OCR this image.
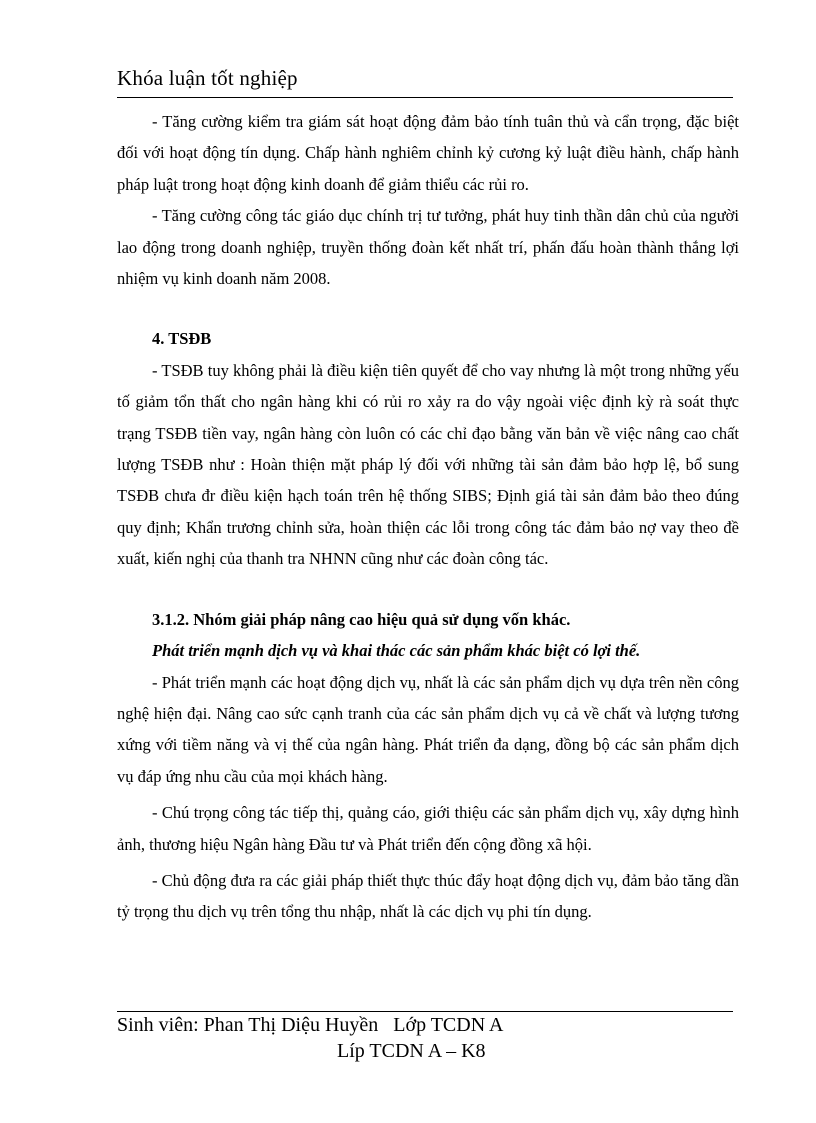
Khóa luận tốt nghiệp

- Tăng cường kiểm tra giám sát hoạt động đảm bảo tính tuân thủ và cẩn trọng, đặc biệt đối với hoạt động tín dụng. Chấp hành nghiêm chỉnh kỷ cương kỷ luật điều hành, chấp hành pháp luật trong hoạt động kinh doanh để giảm thiểu các rủi ro.

- Tăng cường công tác giáo dục chính trị tư tưởng, phát huy tinh thần dân chủ của người lao động trong doanh nghiệp, truyền thống đoàn kết nhất trí, phấn đấu hoàn thành thắng lợi nhiệm vụ kinh doanh năm 2008.

4. TSĐB

- TSĐB tuy không phải là điều kiện tiên quyết để cho vay nhưng là một trong những yếu tố giảm tổn thất cho ngân hàng khi có rủi ro xảy ra do vậy ngoài việc định kỳ rà soát thực trạng TSĐB tiền vay, ngân hàng còn luôn có các chỉ đạo bằng văn bản về việc nâng cao chất lượng TSĐB như : Hoàn thiện mặt pháp lý đối với những tài sản đảm bảo hợp lệ, bổ sung TSĐB chưa đr điều kiện hạch toán trên hệ thống SIBS; Định giá tài sản đảm bảo theo đúng quy định; Khẩn trương chỉnh sửa, hoàn thiện các lỗi trong công tác đảm bảo nợ vay theo đề xuất, kiến nghị của thanh tra NHNN cũng như các đoàn công tác.

3.1.2. Nhóm giải pháp nâng cao hiệu quả sử dụng vốn khác.

Phát triển mạnh dịch vụ và khai thác các sản phẩm khác biệt có lợi thế.

- Phát triển mạnh các hoạt động dịch vụ, nhất là các sản phẩm dịch vụ dựa trên nền công nghệ hiện đại. Nâng cao sức cạnh tranh của các sản phẩm dịch vụ cả về chất và lượng tương xứng với tiềm năng và vị thế của ngân hàng. Phát triển đa dạng, đồng bộ các sản phẩm dịch vụ đáp ứng nhu cầu của mọi khách hàng.

- Chú trọng công tác tiếp thị, quảng cáo, giới thiệu các sản phẩm dịch vụ, xây dựng hình ảnh, thương hiệu Ngân hàng Đầu tư và Phát triển đến cộng đồng xã hội.

- Chủ động đưa ra các giải pháp thiết thực thúc đẩy hoạt động dịch vụ, đảm bảo tăng dần tỷ trọng thu dịch vụ trên tổng thu nhập, nhất là các dịch vụ phi tín dụng.

Sinh viên: Phan Thị Diệu Huyền   Lớp TCDN A
Líp TCDN A – K8
